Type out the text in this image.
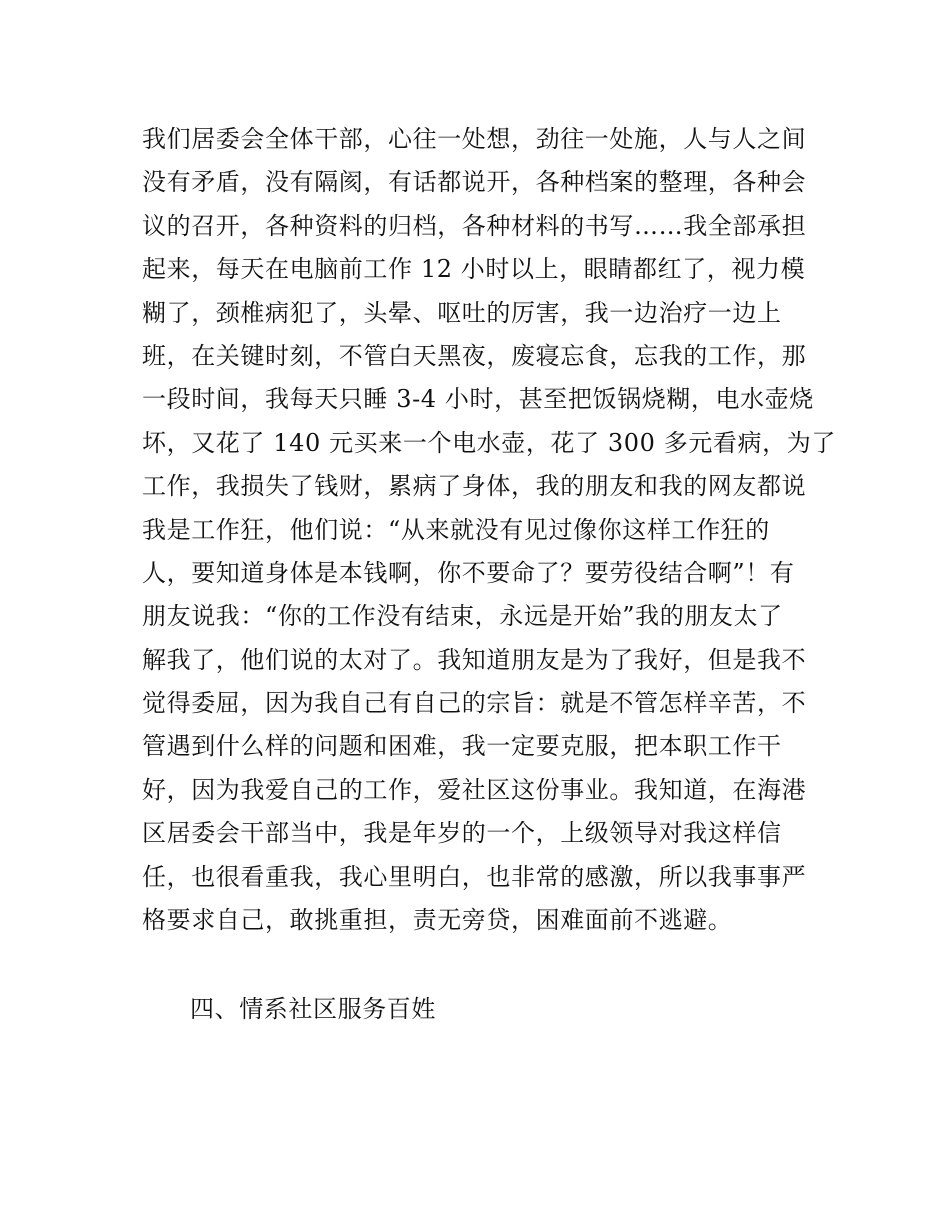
我们居委会全体干部，心往一处想，劲往一处施，人与人之间
没有矛盾，没有隔阂，有话都说开，各种档案的整理，各种会
议的召开，各种资料的归档，各种材料的书写……我全部承担
起来，每天在电脑前工作 12 小时以上，眼睛都红了，视力模
糊了，颈椎病犯了，头晕、呕吐的厉害，我一边治疗一边上
班，在关键时刻，不管白天黑夜，废寝忘食，忘我的工作，那
一段时间，我每天只睡 3-4 小时，甚至把饭锅烧糊，电水壶烧
坏，又花了 140 元买来一个电水壶，花了 300 多元看病，为了
工作，我损失了钱财，累病了身体，我的朋友和我的网友都说
我是工作狂，他们说：“从来就没有见过像你这样工作狂的
人，要知道身体是本钱啊，你不要命了？要劳役结合啊”！有
朋友说我：“你的工作没有结束，永远是开始”我的朋友太了
解我了，他们说的太对了。我知道朋友是为了我好，但是我不
觉得委屈，因为我自己有自己的宗旨：就是不管怎样辛苦，不
管遇到什么样的问题和困难，我一定要克服，把本职工作干
好，因为我爱自己的工作，爱社区这份事业。我知道，在海港
区居委会干部当中，我是年岁的一个，上级领导对我这样信
任，也很看重我，我心里明白，也非常的感激，所以我事事严
格要求自己，敢挑重担，责无旁贷，困难面前不逃避。
四、情系社区服务百姓
